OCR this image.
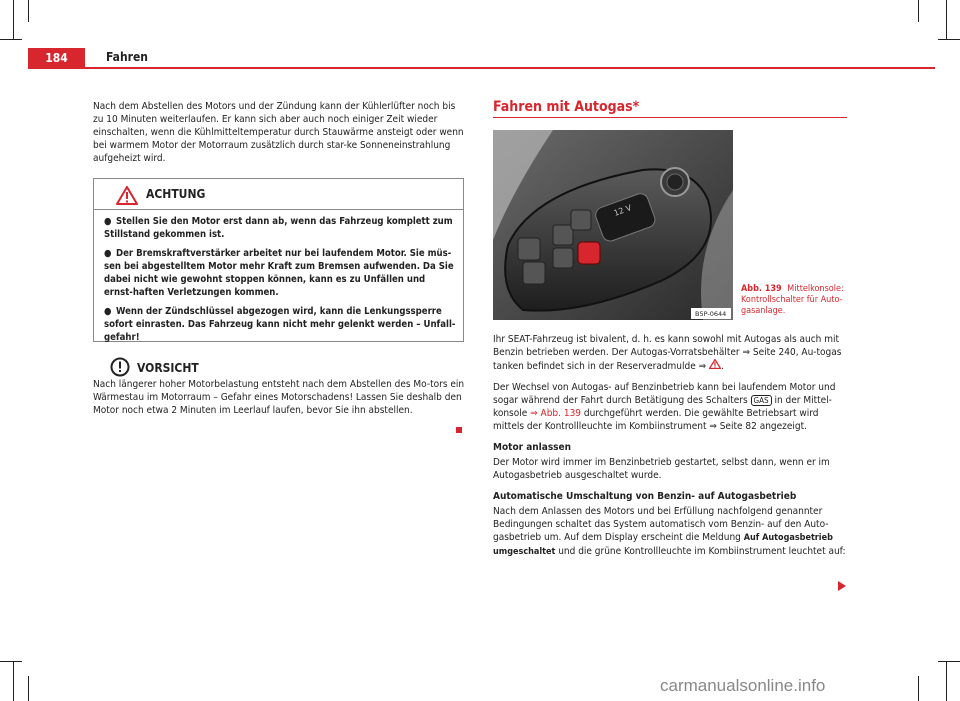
184	Fahren

Nach dem Abstellen des Motors und der Zündung kann der Kühlerlüfter noch bis zu 10 Minuten weiterlaufen. Er kann sich aber auch noch einiger Zeit wieder einschalten, wenn die Kühlmitteltemperatur durch Stauwärme ansteigt oder wenn bei warmem Motor der Motorraum zusätzlich durch star-ke Sonneneinstrahlung aufgeheizt wird.

ACHTUNG
● Stellen Sie den Motor erst dann ab, wenn das Fahrzeug komplett zum Stillstand gekommen ist.
● Der Bremskraftverstärker arbeitet nur bei laufendem Motor. Sie müs-sen bei abgestelltem Motor mehr Kraft zum Bremsen aufwenden. Da Sie dabei nicht wie gewohnt stoppen können, kann es zu Unfällen und ernst-haften Verletzungen kommen.
● Wenn der Zündschlüssel abgezogen wird, kann die Lenkungssperre sofort einrasten. Das Fahrzeug kann nicht mehr gelenkt werden – Unfall-gefahr!
VORSICHT

Nach längerer hoher Motorbelastung entsteht nach dem Abstellen des Mo-tors ein Wärmestau im Motorraum – Gefahr eines Motorschadens! Lassen Sie deshalb den Motor noch etwa 2 Minuten im Leerlauf laufen, bevor Sie ihn abstellen.

Fahren mit Autogas*
12 V
B5P-0644
Abb. 139 Mittelkonsole: Kontrollschalter für Auto-gasanlage.

Ihr SEAT-Fahrzeug ist bivalent, d. h. es kann sowohl mit Autogas als auch mit Benzin betrieben werden. Der Autogas-Vorratsbehälter ⇒ Seite 240, Au-togas tanken befindet sich in der Reserveradmulde ⇒ .

Der Wechsel von Autogas- auf Benzinbetrieb kann bei laufendem Motor und sogar während der Fahrt durch Betätigung des Schalters GAS in der Mittel-konsole ⇒ Abb. 139 durchgeführt werden. Die gewählte Betriebsart wird mittels der Kontrollleuchte im Kombiinstrument ⇒ Seite 82 angezeigt.

Motor anlassen

Der Motor wird immer im Benzinbetrieb gestartet, selbst dann, wenn er im Autogasbetrieb ausgeschaltet wurde.

Automatische Umschaltung von Benzin- auf Autogasbetrieb

Nach dem Anlassen des Motors und bei Erfüllung nachfolgend genannter Bedingungen schaltet das System automatisch vom Benzin- auf den Auto-gasbetrieb um. Auf dem Display erscheint die Meldung Auf Autogasbetrieb umgeschaltet und die grüne Kontrollleuchte im Kombiinstrument leuchtet auf:

carmanualsonline.info
